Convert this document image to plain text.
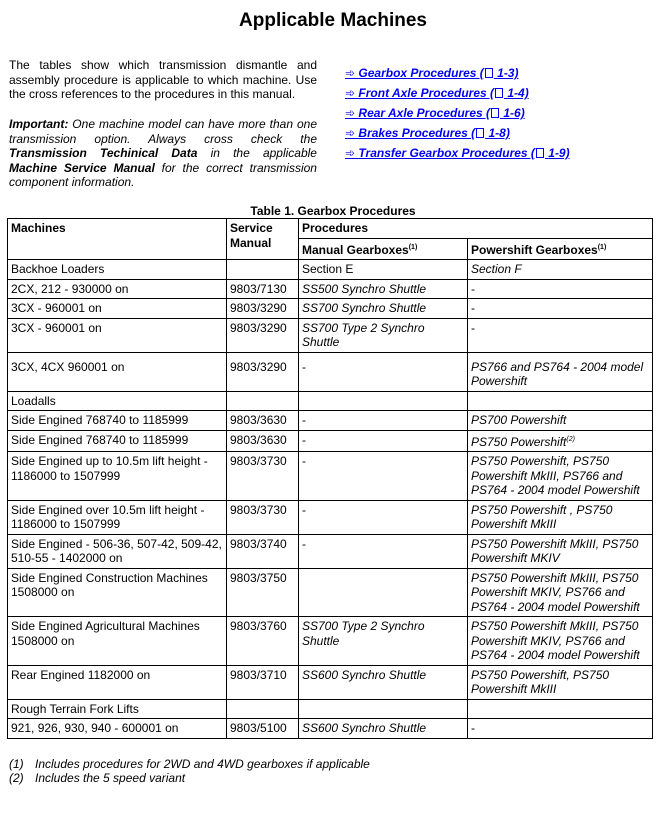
Applicable Machines

The tables show which transmission dismantle and assembly procedure is applicable to which machine. Use the cross references to the procedures in this manual.

Important: One machine model can have more than one transmission option. Always cross check the Transmission Techinical Data in the applicable Machine Service Manual for the correct transmission component information.

➾ Gearbox Procedures ( 1-3)
➾ Front Axle Procedures ( 1-4)
➾ Rear Axle Procedures ( 1-6)
➾ Brakes Procedures ( 1-8)
➾ Transfer Gearbox Procedures ( 1-9)
Table 1. Gearbox Procedures
Machines	Service Manual	Procedures	
		Manual Gearboxes$^{(1)}$	Powershift Gearboxes$^{(1)}$
Backhoe Loaders		Section E	Section F
2CX, 212 - 930000 on	9803/7130	SS500 Synchro Shuttle	-
3CX - 960001 on	9803/3290	SS700 Synchro Shuttle	-
3CX - 960001 on	9803/3290	SS700 Type 2 Synchro Shuttle	-
3CX, 4CX 960001 on	9803/3290	-	PS766 and PS764 - 2004 model Powershift
Loadalls			
Side Engined 768740 to 1185999	9803/3630	-	PS700 Powershift
Side Engined 768740 to 1185999	9803/3630	-	PS750 Powershift$^{(2)}$
Side Engined up to 10.5m lift height - 1186000 to 1507999	9803/3730	-	PS750 Powershift, PS750 Powershift MkIII, PS766 and PS764 - 2004 model Powershift
Side Engined over 10.5m lift height - 1186000 to 1507999	9803/3730	-	PS750 Powershift , PS750 Powershift MkIII
Side Engined - 506-36, 507-42, 509-42, 510-55 - 1402000 on	9803/3740	-	PS750 Powershift MkIII, PS750 Powershift MKIV
Side Engined Construction Machines 1508000 on	9803/3750		PS750 Powershift MkIII, PS750 Powershift MKIV, PS766 and PS764 - 2004 model Powershift
Side Engined Agricultural Machines 1508000 on	9803/3760	SS700 Type 2 Synchro Shuttle	PS750 Powershift MkIII, PS750 Powershift MKIV, PS766 and PS764 - 2004 model Powershift
Rear Engined 1182000 on	9803/3710	SS600 Synchro Shuttle	PS750 Powershift, PS750 Powershift MkIII
Rough Terrain Fork Lifts			
921, 926, 930, 940 - 600001 on	9803/5100	SS600 Synchro Shuttle	-
(1) Includes procedures for 2WD and 4WD gearboxes if applicable
(2) Includes the 5 speed variant
